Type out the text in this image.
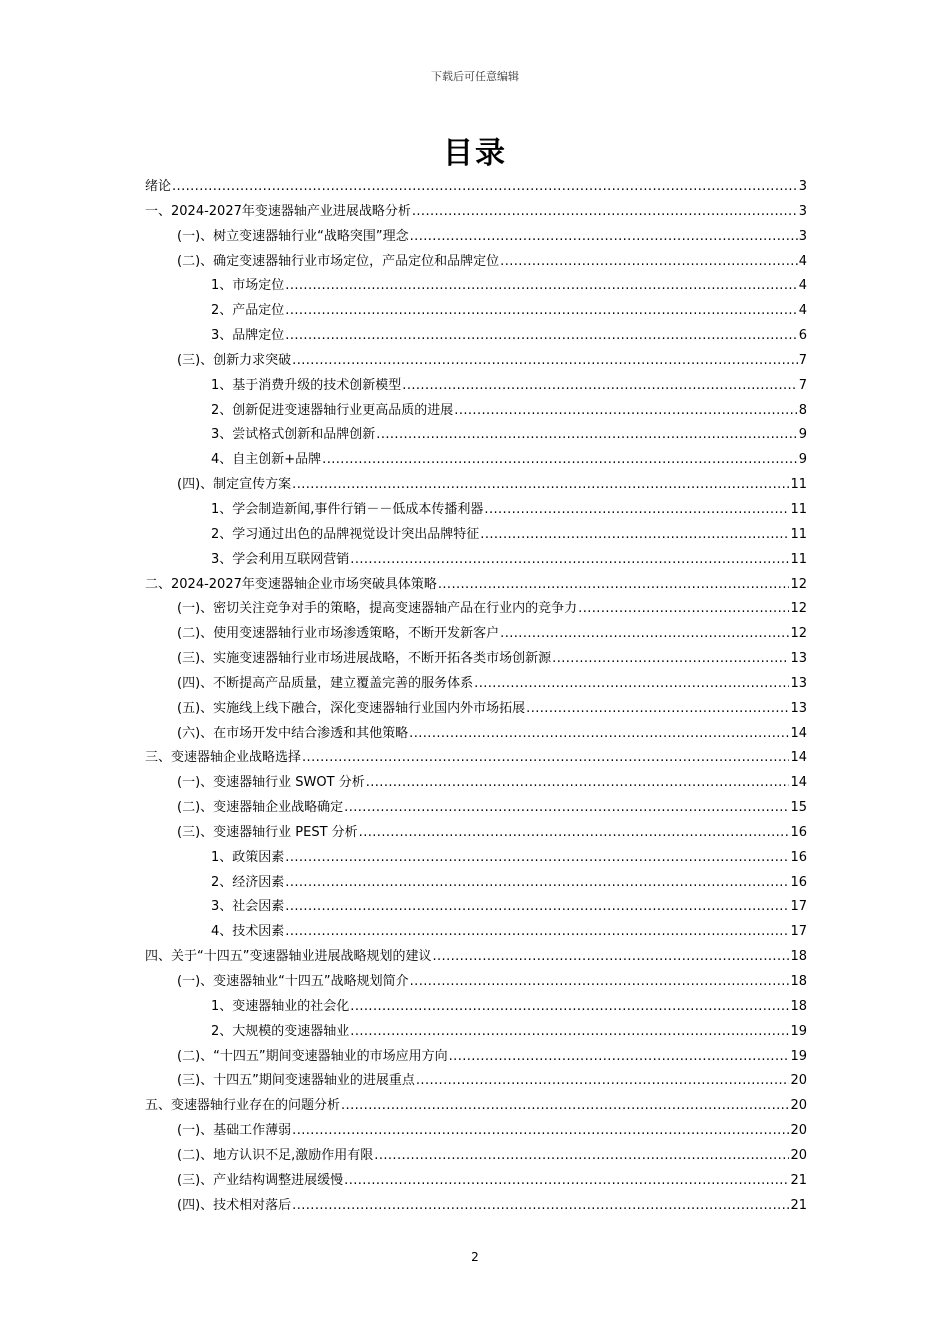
下载后可任意编辑
目录
绪论 .....	3
一、2024-2027年变速器轴产业进展战略分析 .....	3
(一)、树立变速器轴行业“战略突围”理念 .....	3
(二)、确定变速器轴行业市场定位，产品定位和品牌定位 .....	4
1、市场定位 .....	4
2、产品定位 .....	4
3、品牌定位 .....	6
(三)、创新力求突破 .....	7
1、基于消费升级的技术创新模型 .....	7
2、创新促进变速器轴行业更高品质的进展 .....	8
3、尝试格式创新和品牌创新 .....	9
4、自主创新+品牌 .....	9
(四)、制定宣传方案 .....	11
1、学会制造新闻,事件行销－－低成本传播利器 .....	11
2、学习通过出色的品牌视觉设计突出品牌特征 .....	11
3、学会利用互联网营销 .....	11
二、2024-2027年变速器轴企业市场突破具体策略 .....	12
(一)、密切关注竞争对手的策略，提高变速器轴产品在行业内的竞争力 .....	12
(二)、使用变速器轴行业市场渗透策略，不断开发新客户 .....	12
(三)、实施变速器轴行业市场进展战略，不断开拓各类市场创新源 .....	13
(四)、不断提高产品质量，建立覆盖完善的服务体系 .....	13
(五)、实施线上线下融合，深化变速器轴行业国内外市场拓展 .....	13
(六)、在市场开发中结合渗透和其他策略 .....	14
三、变速器轴企业战略选择 .....	14
(一)、变速器轴行业 SWOT 分析 .....	14
(二)、变速器轴企业战略确定 .....	15
(三)、变速器轴行业 PEST 分析 .....	16
1、政策因素 .....	16
2、经济因素 .....	16
3、社会因素 .....	17
4、技术因素 .....	17
四、关于“十四五”变速器轴业进展战略规划的建议 .....	18
(一)、变速器轴业“十四五”战略规划简介 .....	18
1、变速器轴业的社会化 .....	18
2、大规模的变速器轴业 .....	19
(二)、“十四五”期间变速器轴业的市场应用方向 .....	19
(三)、十四五”期间变速器轴业的进展重点 .....	20
五、变速器轴行业存在的问题分析 .....	20
(一)、基础工作薄弱 .....	20
(二)、地方认识不足,激励作用有限 .....	20
(三)、产业结构调整进展缓慢 .....	21
(四)、技术相对落后 .....	21
2
